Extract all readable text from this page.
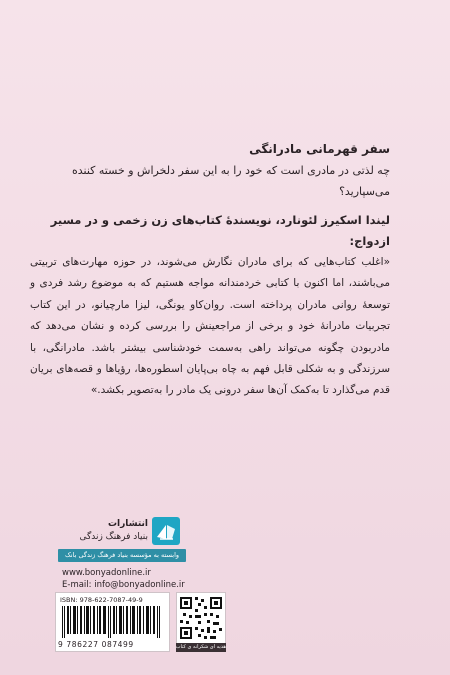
سفر قهرمانی مادرانگی

چه لذتی در مادری است که خود را به این سفر دلخراش و خسته کننده می‌سپارید؟

لیندا اسکیرز لئونارد، نویسندهٔ کتاب‌های زن زخمی و در مسیر ازدواج:

«اغلب کتاب‌هایی که برای مادران نگارش می‌شوند، در حوزه مهارت‌های تربیتی می‌باشند، اما اکنون با کتابی خردمندانه مواجه هستیم که به موضوع رشد فردی و توسعهٔ روانی مادران پرداخته است. روان‌کاو یونگی، لیزا مارچیانو، در این کتاب تجربیات مادرانهٔ خود و برخی از مراجعینش را بررسی کرده و نشان می‌دهد که مادربودن چگونه می‌تواند راهی به‌سمت خودشناسی بیشتر باشد. مادرانگی، با سرزندگی و به شکلی قابل فهم به چاه بی‌پایان اسطوره‌ها، رؤیاها و قصه‌های بریان قدم می‌گذارد تا به‌کمک آن‌ها سفر درونی یک مادر را به‌تصویر بکشد.»

انتشارات
بنیاد فرهنگ زندگی
وابسته به مؤسسه بنیاد فرهنگ زندگی بانک
www.bonyadonline.ir
E-mail: info@bonyadonline.ir
ISBN: 978-622-7087-49-9
9 786227 087499	هدیه ای شکرانه ی کتاب
